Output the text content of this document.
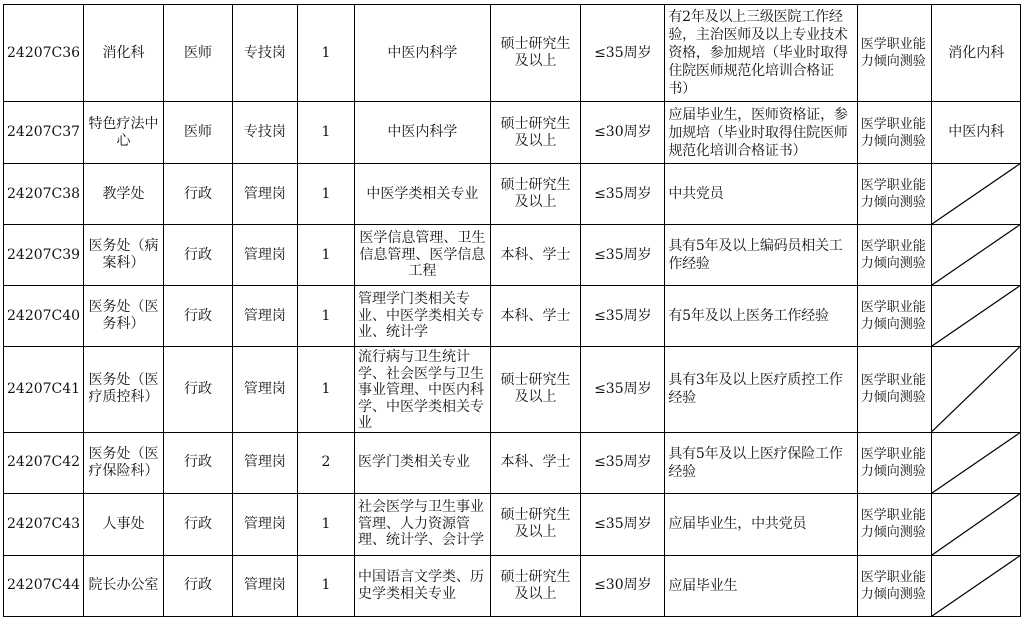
24207C36	消化科	医师	专技岗	1	中医内科学	硕士研究生及以上	≤35周岁	有2年及以上三级医院工作经验，主治医师及以上专业技术资格，参加规培（毕业时取得住院医师规范化培训合格证书）	医学职业能力倾向测验	消化内科
24207C37	特色疗法中心	医师	专技岗	1	中医内科学	硕士研究生及以上	≤30周岁	应届毕业生，医师资格证，参加规培（毕业时取得住院医师规范化培训合格证书）	医学职业能力倾向测验	中医内科
24207C38	教学处	行政	管理岗	1	中医学类相关专业	硕士研究生及以上	≤35周岁	中共党员	医学职业能力倾向测验	

24207C39	医务处（病案科）	行政	管理岗	1	医学信息管理、卫生信息管理、医学信息工程	本科、学士	≤35周岁	具有5年及以上编码员相关工作经验	医学职业能力倾向测验	

24207C40	医务处（医务科）	行政	管理岗	1	管理学门类相关专业、中医学类相关专业、统计学	本科、学士	≤35周岁	有5年及以上医务工作经验	医学职业能力倾向测验	

24207C41	医务处（医疗质控科）	行政	管理岗	1	流行病与卫生统计学、社会医学与卫生事业管理、中医内科学、中医学类相关专业	硕士研究生及以上	≤35周岁	具有3年及以上医疗质控工作经验	医学职业能力倾向测验	

24207C42	医务处（医疗保险科）	行政	管理岗	2	医学门类相关专业	本科、学士	≤35周岁	具有5年及以上医疗保险工作经验	医学职业能力倾向测验	

24207C43	人事处	行政	管理岗	1	社会医学与卫生事业管理、人力资源管理、统计学、会计学	硕士研究生及以上	≤35周岁	应届毕业生，中共党员	医学职业能力倾向测验	

24207C44	院长办公室	行政	管理岗	1	中国语言文学类、历史学类相关专业	硕士研究生及以上	≤30周岁	应届毕业生	医学职业能力倾向测验	
